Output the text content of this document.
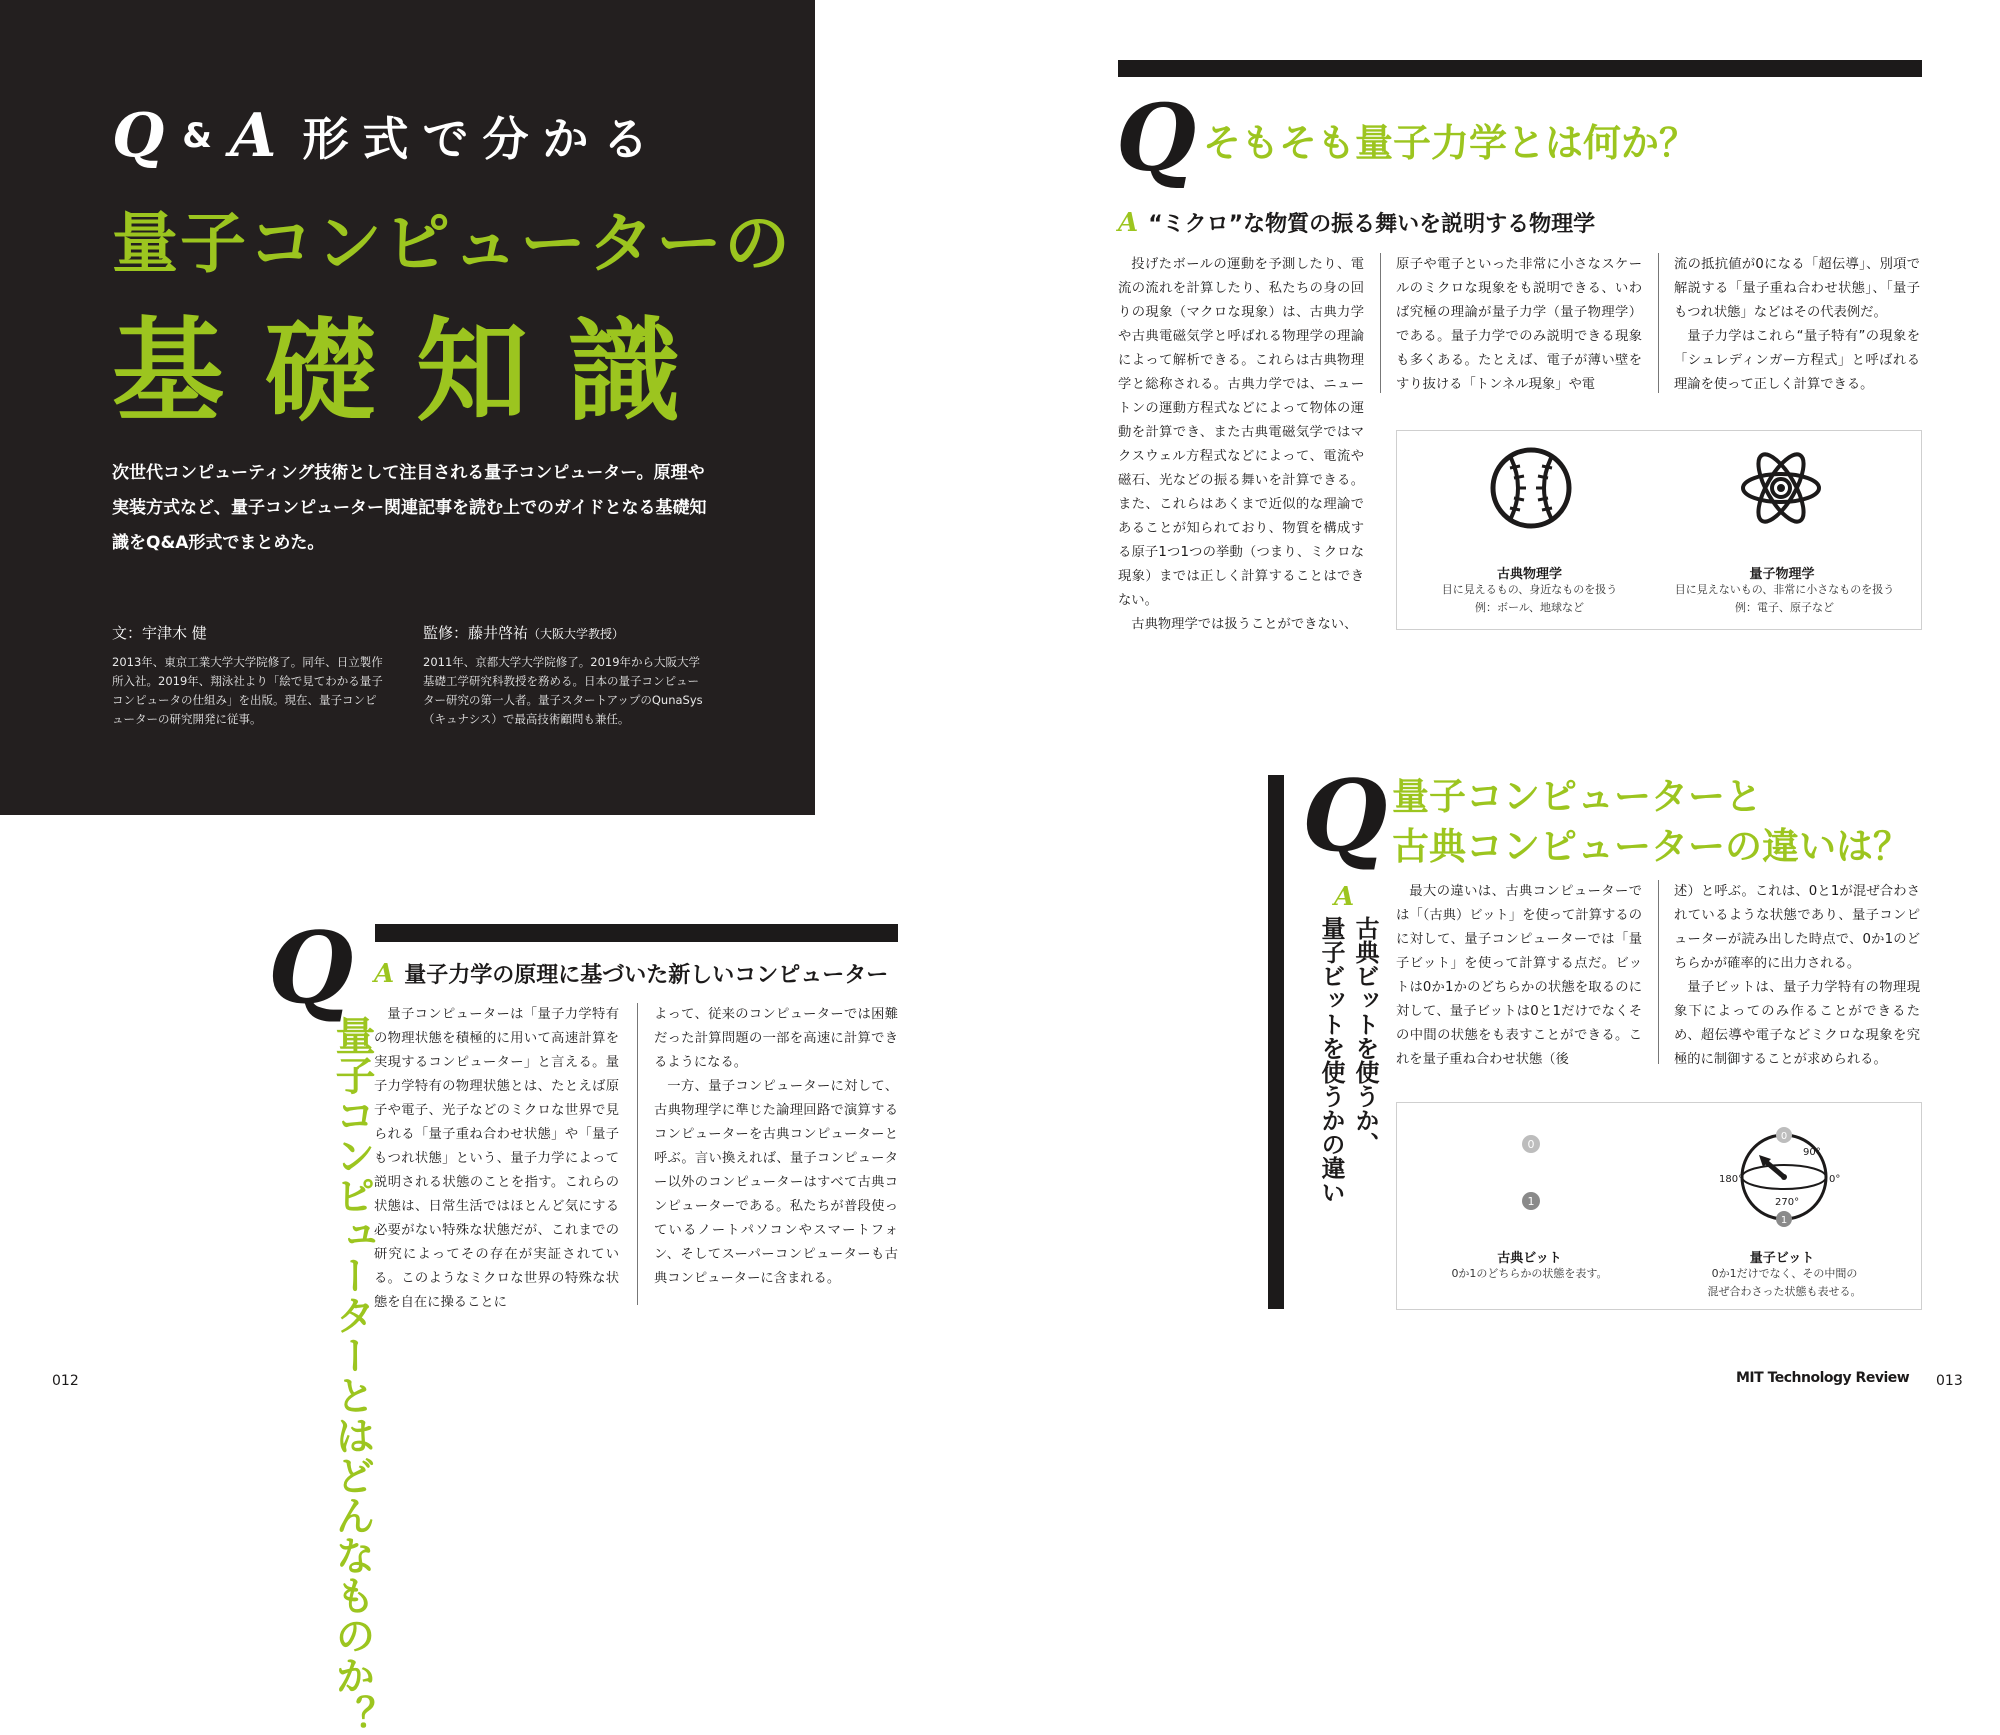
Q & A 形式で分かる
量子コンピューターの
基礎知識
次世代コンピューティング技術として注目される量子コンピューター。原理や実装方式など、量子コンピューター関連記事を読む上でのガイドとなる基礎知識をQ&A形式でまとめた。
文：宇津木 健
2013年、東京工業大学大学院修了。同年、日立製作所入社。2019年、翔泳社より「絵で見てわかる量子コンピュータの仕組み」を出版。現在、量子コンピューターの研究開発に従事。
監修：藤井啓祐（大阪大学教授）
2011年、京都大学大学院修了。2019年から大阪大学基礎工学研究科教授を務める。日本の量子コンピューター研究の第一人者。量子スタートアップのQunaSys（キュナシス）で最高技術顧問も兼任。
Q
量子コンピューターとはどんなものか？
A 量子力学の原理に基づいた新しいコンピューター

量子コンピューターは「量子力学特有の物理状態を積極的に用いて高速計算を実現するコンピューター」と言える。量子力学特有の物理状態とは、たとえば原子や電子、光子などのミクロな世界で見られる「量子重ね合わせ状態」や「量子もつれ状態」という、量子力学によって説明される状態のことを指す。これらの状態は、日常生活ではほとんど気にする必要がない特殊な状態だが、これまでの研究によってその存在が実証されている。このようなミクロな世界の特殊な状態を自在に操ることに

よって、従来のコンピューターでは困難だった計算問題の一部を高速に計算できるようになる。

一方、量子コンピューターに対して、古典物理学に準じた論理回路で演算するコンピューターを古典コンピューターと呼ぶ。言い換えれば、量子コンピューター以外のコンピューターはすべて古典コンピューターである。私たちが普段使っているノートパソコンやスマートフォン、そしてスーパーコンピューターも古典コンピューターに含まれる。

012
Q そもそも量子力学とは何か？
A “ミクロ”な物質の振る舞いを説明する物理学

投げたボールの運動を予測したり、電流の流れを計算したり、私たちの身の回りの現象（マクロな現象）は、古典力学や古典電磁気学と呼ばれる物理学の理論によって解析できる。これらは古典物理学と総称される。古典力学では、ニュートンの運動方程式などによって物体の運動を計算でき、また古典電磁気学ではマクスウェル方程式などによって、電流や磁石、光などの振る舞いを計算できる。また、これらはあくまで近似的な理論であることが知られており、物質を構成する原子1つ1つの挙動（つまり、ミクロな現象）までは正しく計算することはできない。

古典物理学では扱うことができない、

原子や電子といった非常に小さなスケールのミクロな現象をも説明できる、いわば究極の理論が量子力学（量子物理学）である。量子力学でのみ説明できる現象も多くある。たとえば、電子が薄い壁をすり抜ける「トンネル現象」や電

流の抵抗値が0になる「超伝導」、別項で解説する「量子重ね合わせ状態」、「量子もつれ状態」などはその代表例だ。

量子力学はこれら“量子特有”の現象を「シュレディンガー方程式」と呼ばれる理論を使って正しく計算できる。

古典物理学
目に見えるもの、身近なものを扱う
例：ボール、地球など
量子物理学
目に見えないもの、非常に小さなものを扱う
例：電子、原子など
Q 量子コンピューターと
古典コンピューターの違いは？
A
古典ビットを使うか、
量子ビットを使うかの違い

最大の違いは、古典コンピューターでは「（古典）ビット」を使って計算するのに対して、量子コンピューターでは「量子ビット」を使って計算する点だ。ビットは0か1かのどちらかの状態を取るのに対して、量子ビットは0と1だけでなくその中間の状態をも表すことができる。これを量子重ね合わせ状態（後

述）と呼ぶ。これは、0と1が混ぜ合わされているような状態であり、量子コンピューターが読み出した時点で、0か1のどちらかが確率的に出力される。

量子ビットは、量子力学特有の物理現象下によってのみ作ることができるため、超伝導や電子などミクロな現象を究極的に制御することが求められる。

0
1
0
1
90°
180°	0°
270°
古典ビット
0か1のどちらかの状態を表す。
量子ビット
0か1だけでなく、その中間の
混ぜ合わさった状態も表せる。
MIT Technology Review 013
